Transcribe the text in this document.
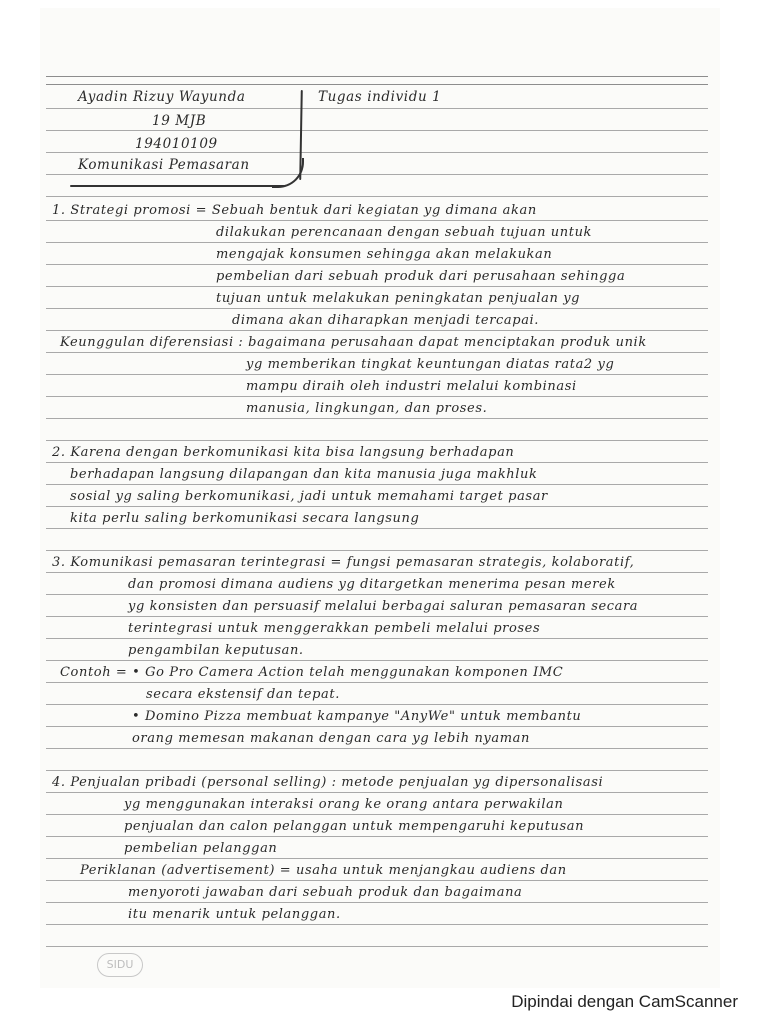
Ayadin Rizuy Wayunda
19 MJB
194010109
Komunikasi Pemasaran
Tugas individu 1
1. Strategi promosi = Sebuah bentuk dari kegiatan yg dimana akan
dilakukan perencanaan dengan sebuah tujuan untuk
mengajak konsumen sehingga akan melakukan
pembelian dari sebuah produk dari perusahaan sehingga
tujuan untuk melakukan peningkatan penjualan yg
dimana akan diharapkan menjadi tercapai.
Keunggulan diferensiasi : bagaimana perusahaan dapat menciptakan produk unik
yg memberikan tingkat keuntungan diatas rata2 yg
mampu diraih oleh industri melalui kombinasi
manusia, lingkungan, dan proses.
2. Karena dengan berkomunikasi kita bisa langsung berhadapan
berhadapan langsung dilapangan dan kita manusia juga makhluk
sosial yg saling berkomunikasi, jadi untuk memahami target pasar
kita perlu saling berkomunikasi secara langsung
3. Komunikasi pemasaran terintegrasi = fungsi pemasaran strategis, kolaboratif,
dan promosi dimana audiens yg ditargetkan menerima pesan merek
yg konsisten dan persuasif melalui berbagai saluran pemasaran secara
terintegrasi untuk menggerakkan pembeli melalui proses
pengambilan keputusan.
Contoh = • Go Pro Camera Action telah menggunakan komponen IMC
secara ekstensif dan tepat.
• Domino Pizza membuat kampanye "AnyWe" untuk membantu
orang memesan makanan dengan cara yg lebih nyaman
4. Penjualan pribadi (personal selling) : metode penjualan yg dipersonalisasi
yg menggunakan interaksi orang ke orang antara perwakilan
penjualan dan calon pelanggan untuk mempengaruhi keputusan
pembelian pelanggan
Periklanan (advertisement) = usaha untuk menjangkau audiens dan
menyoroti jawaban dari sebuah produk dan bagaimana
itu menarik untuk pelanggan.
SIDU
Dipindai dengan CamScanner
